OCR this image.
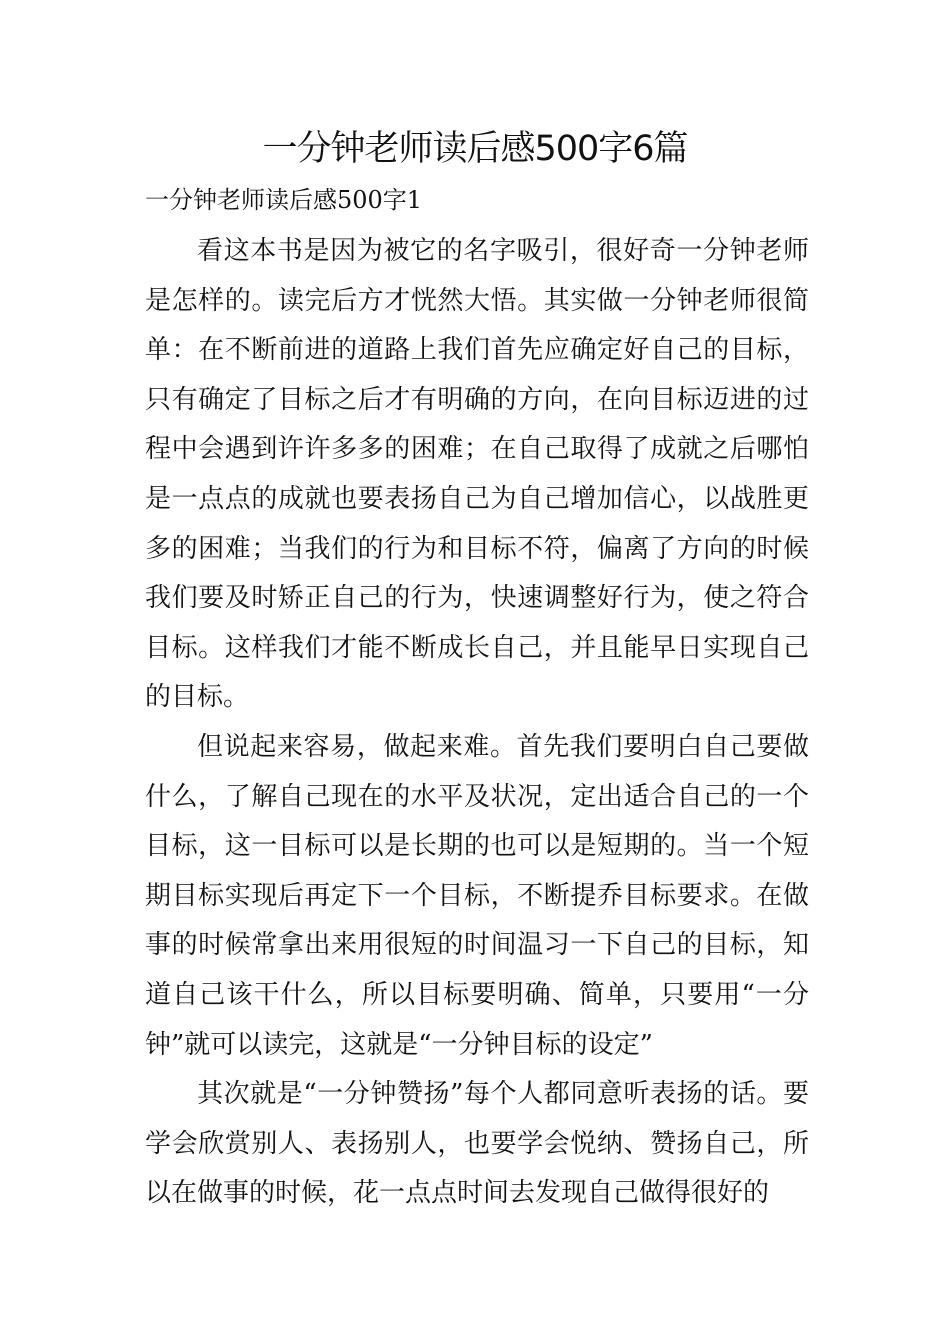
一分钟老师读后感500字6篇
一分钟老师读后感500字1

看这本书是因为被它的名字吸引，很好奇一分钟老师是怎样的。读完后方才恍然大悟。其实做一分钟老师很简单：在不断前进的道路上我们首先应确定好自己的目标，只有确定了目标之后才有明确的方向，在向目标迈进的过程中会遇到许许多多的困难；在自己取得了成就之后哪怕是一点点的成就也要表扬自己为自己增加信心，以战胜更多的困难；当我们的行为和目标不符，偏离了方向的时候我们要及时矫正自己的行为，快速调整好行为，使之符合目标。这样我们才能不断成长自己，并且能早日实现自己的目标。

但说起来容易，做起来难。首先我们要明白自己要做什么，了解自己现在的水平及状况，定出适合自己的一个目标，这一目标可以是长期的也可以是短期的。当一个短期目标实现后再定下一个目标，不断提乔目标要求。在做事的时候常拿出来用很短的时间温习一下自己的目标，知道自己该干什么，所以目标要明确、简单，只要用“一分钟”就可以读完，这就是“一分钟目标的设定”

其次就是“一分钟赞扬”每个人都同意听表扬的话。要学会欣赏别人、表扬别人，也要学会悦纳、赞扬自己，所以在做事的时候，花一点点时间去发现自己做得很好的
